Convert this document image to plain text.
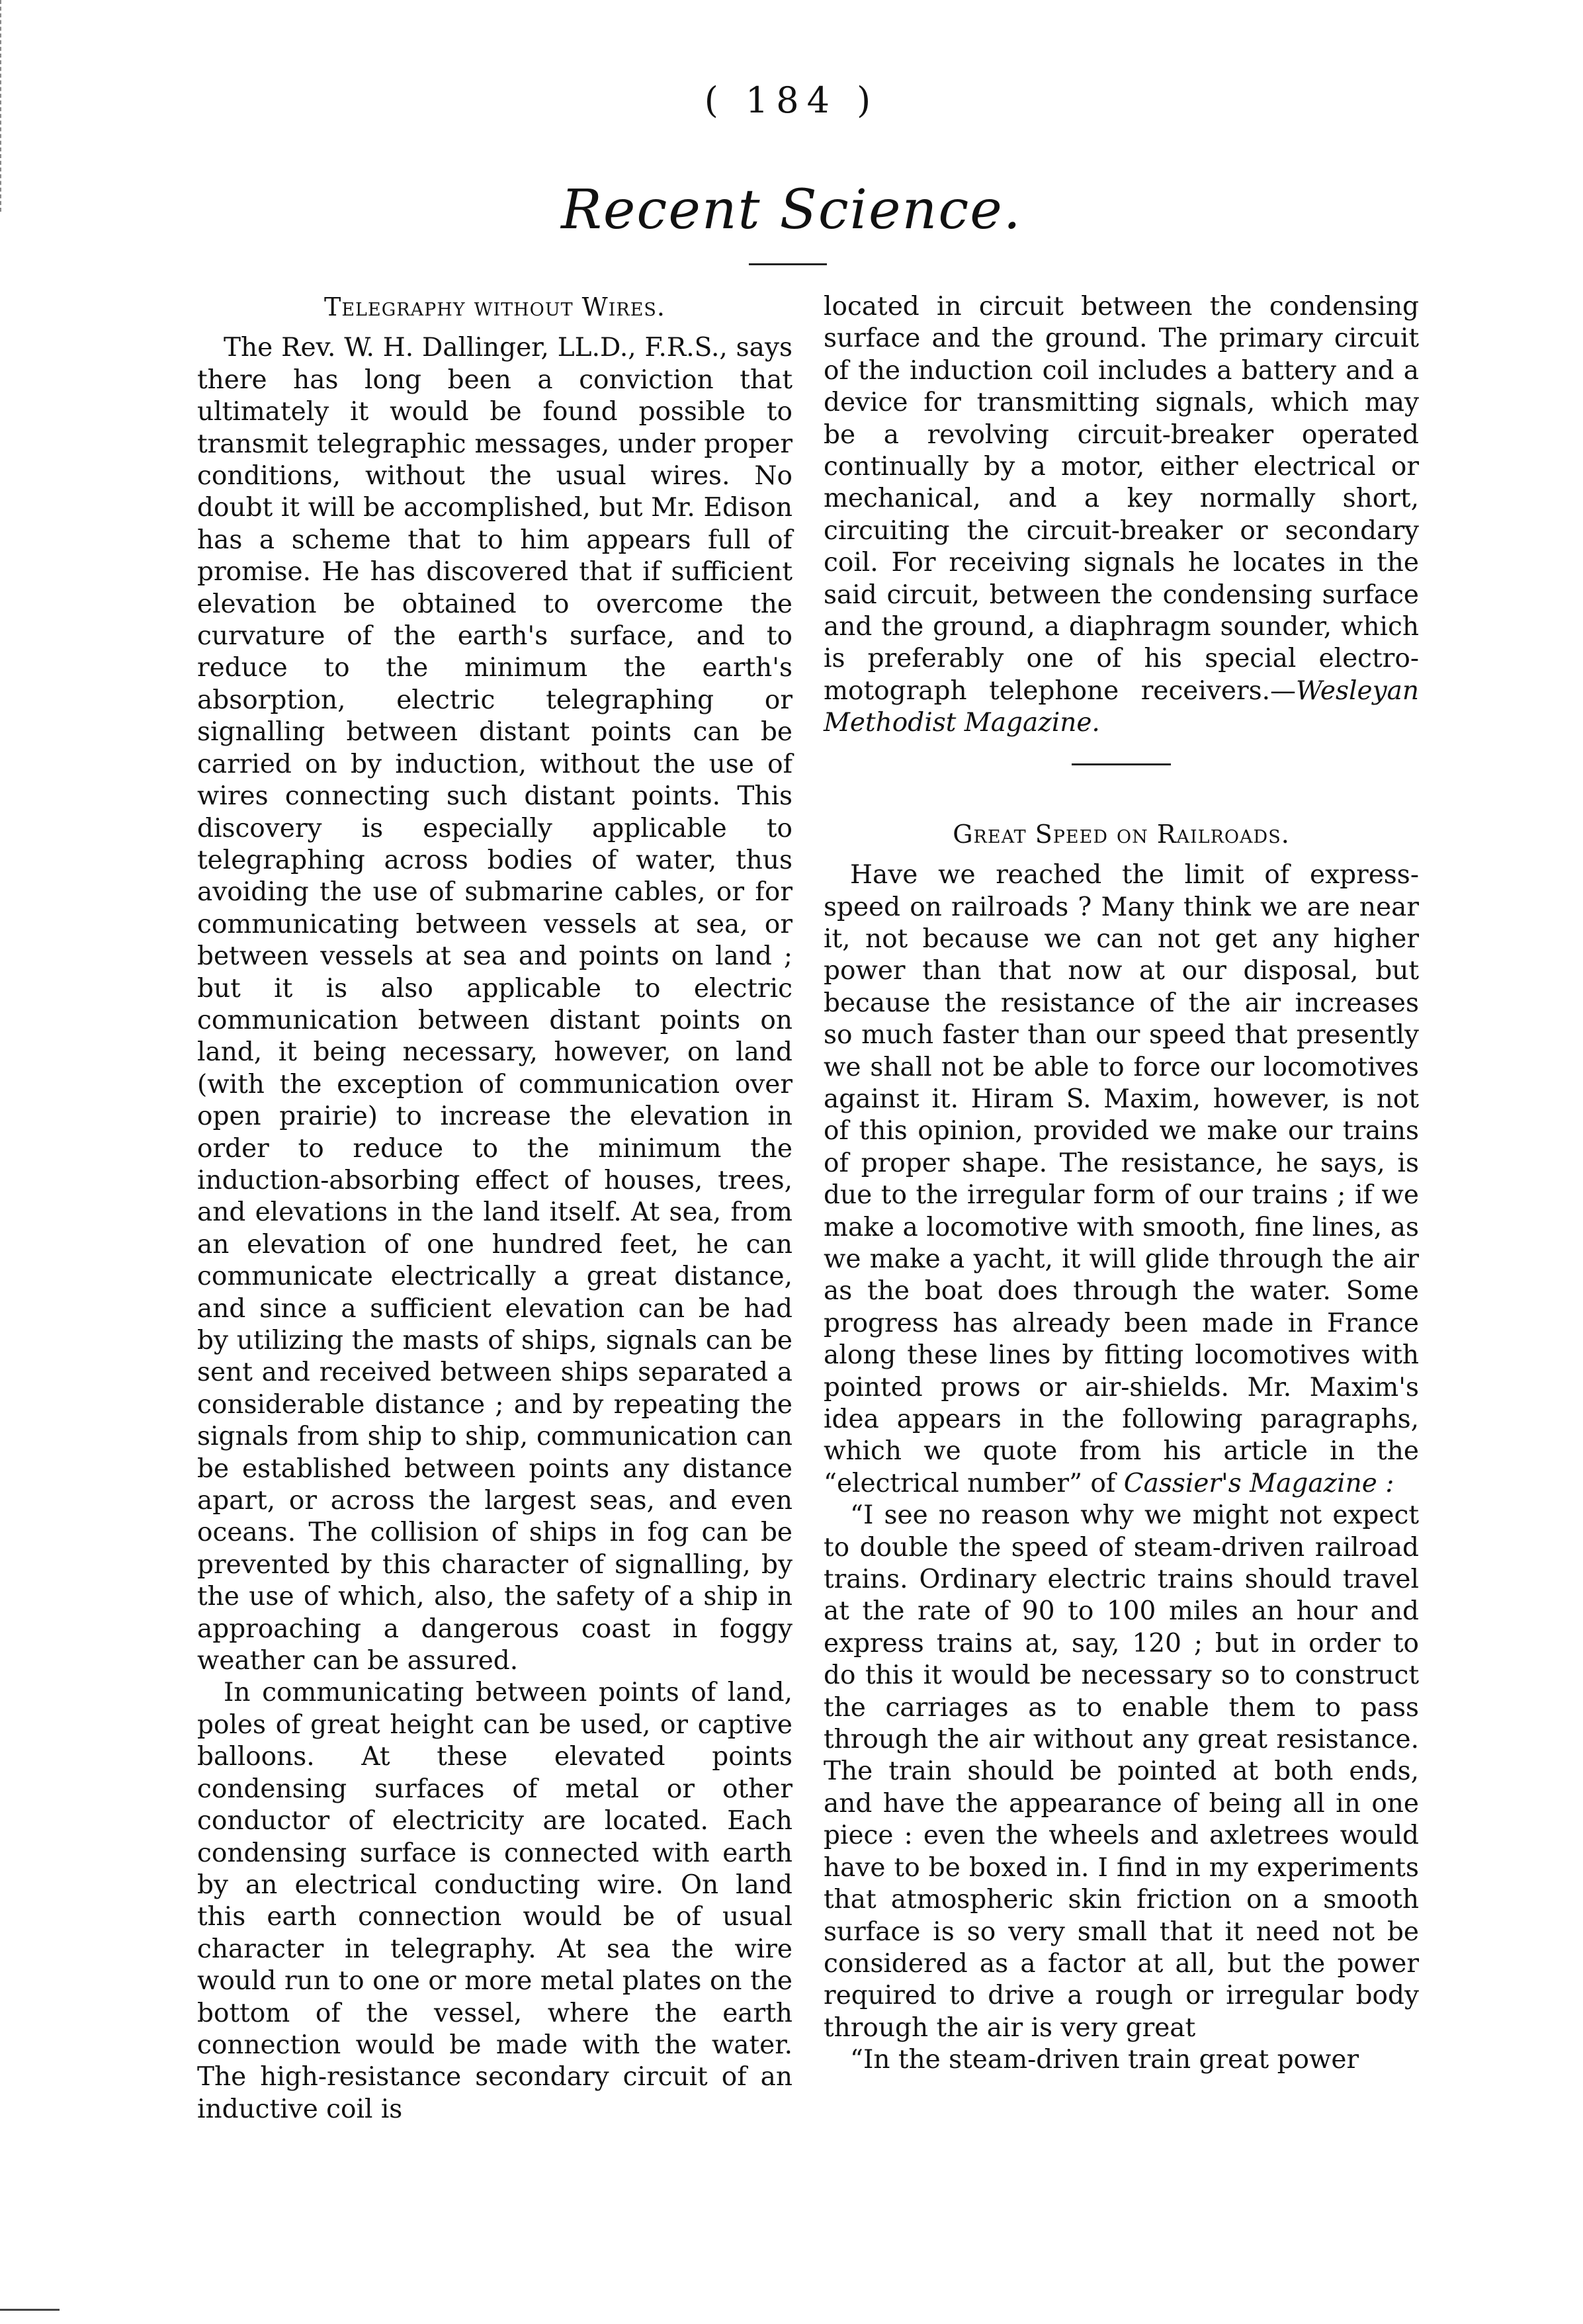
( 184 )
Recent Science.
Telegraphy without Wires.

The Rev. W. H. Dallinger, LL.D., F.R.S., says there has long been a conviction that ultimately it would be found possible to transmit telegraphic messages, under proper conditions, without the usual wires. No doubt it will be accomplished, but Mr. Edison has a scheme that to him appears full of promise. He has discovered that if sufficient elevation be obtained to overcome the curvature of the earth's surface, and to reduce to the minimum the earth's absorption, electric telegraphing or signalling between distant points can be carried on by induction, without the use of wires connecting such distant points. This discovery is especially applicable to telegraphing across bodies of water, thus avoiding the use of submarine cables, or for communicating between vessels at sea, or between vessels at sea and points on land ; but it is also applicable to electric communication between distant points on land, it being necessary, however, on land (with the exception of communication over open prairie) to increase the elevation in order to reduce to the minimum the induction-absorbing effect of houses, trees, and elevations in the land itself. At sea, from an elevation of one hundred feet, he can communicate electrically a great distance, and since a sufficient elevation can be had by utilizing the masts of ships, signals can be sent and received between ships separated a considerable distance ; and by repeating the signals from ship to ship, communication can be established between points any distance apart, or across the largest seas, and even oceans. The collision of ships in fog can be prevented by this character of signalling, by the use of which, also, the safety of a ship in approaching a dangerous coast in foggy weather can be assured.

In communicating between points of land, poles of great height can be used, or captive balloons. At these elevated points condensing surfaces of metal or other conductor of electricity are located. Each condensing surface is connected with earth by an electrical conducting wire. On land this earth connection would be of usual character in telegraphy. At sea the wire would run to one or more metal plates on the bottom of the vessel, where the earth connection would be made with the water. The high-resistance secondary circuit of an inductive coil is

located in circuit between the condensing surface and the ground. The primary circuit of the induction coil includes a battery and a device for transmitting signals, which may be a revolving circuit-breaker operated continually by a motor, either electrical or mechanical, and a key normally short, circuiting the circuit-breaker or secondary coil. For receiving signals he locates in the said circuit, between the condensing surface and the ground, a diaphragm sounder, which is preferably one of his special electro-motograph telephone receivers.—Wesleyan Methodist Magazine.

Great Speed on Railroads.

Have we reached the limit of express-speed on railroads ? Many think we are near it, not because we can not get any higher power than that now at our disposal, but because the resistance of the air increases so much faster than our speed that presently we shall not be able to force our locomotives against it. Hiram S. Maxim, however, is not of this opinion, provided we make our trains of proper shape. The resistance, he says, is due to the irregular form of our trains ; if we make a locomotive with smooth, fine lines, as we make a yacht, it will glide through the air as the boat does through the water. Some progress has already been made in France along these lines by fitting locomotives with pointed prows or air-shields. Mr. Maxim's idea appears in the following paragraphs, which we quote from his article in the “electrical number” of Cassier's Magazine :

“I see no reason why we might not expect to double the speed of steam-driven railroad trains. Ordinary electric trains should travel at the rate of 90 to 100 miles an hour and express trains at, say, 120 ; but in order to do this it would be necessary so to construct the carriages as to enable them to pass through the air without any great resistance. The train should be pointed at both ends, and have the appearance of being all in one piece : even the wheels and axletrees would have to be boxed in. I find in my experiments that atmospheric skin friction on a smooth surface is so very small that it need not be considered as a factor at all, but the power required to drive a rough or irregular body through the air is very great

“In the steam-driven train great power
